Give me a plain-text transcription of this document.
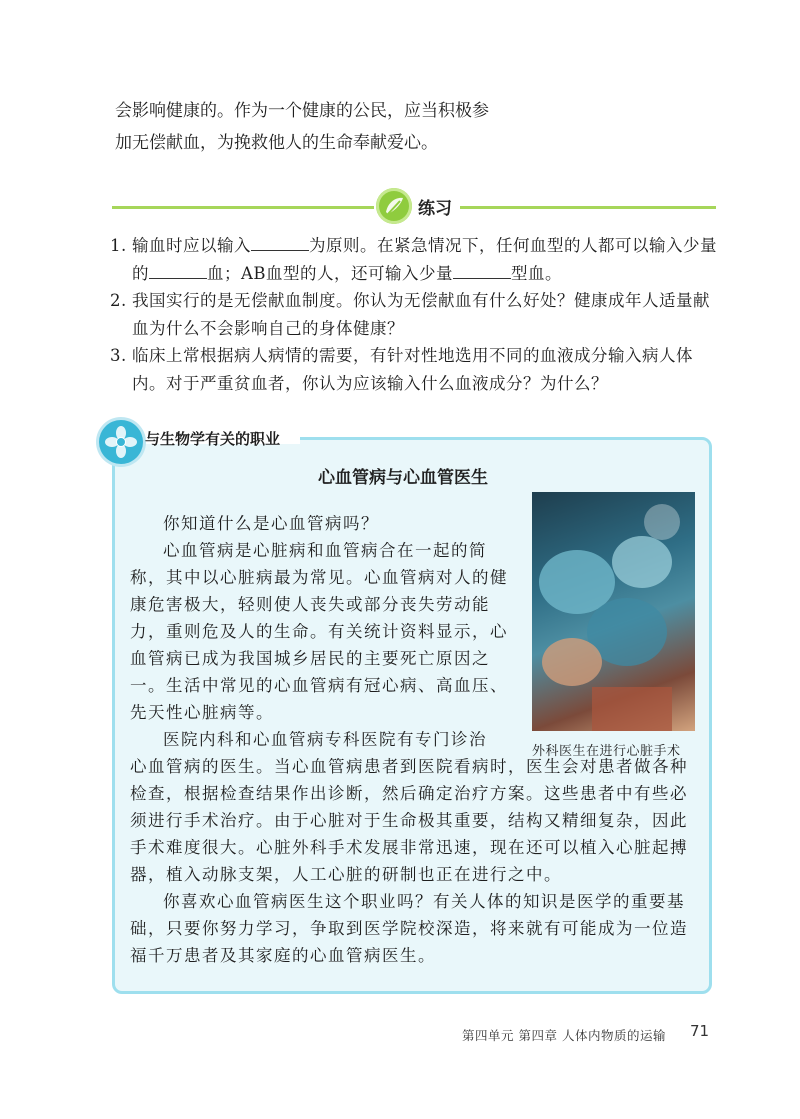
会影响健康的。作为一个健康的公民，应当积极参

加无偿献血，为挽救他人的生命奉献爱心。

练习
1. 输血时应以输入	为原则。在紧急情况下，任何血型的人都可以输入少量的	血；AB血型的人，还可输入少量	型血。
2. 我国实行的是无偿献血制度。你认为无偿献血有什么好处？健康成年人适量献血为什么不会影响自己的身体健康？
3. 临床上常根据病人病情的需要，有针对性地选用不同的血液成分输入病人体内。对于严重贫血者，你认为应该输入什么血液成分？为什么？
与生物学有关的职业
心血管病与心血管医生
外科医生在进行心脏手术

你知道什么是心血管病吗？

心血管病是心脏病和血管病合在一起的简称，其中以心脏病最为常见。心血管病对人的健康危害极大，轻则使人丧失或部分丧失劳动能力，重则危及人的生命。有关统计资料显示，心血管病已成为我国城乡居民的主要死亡原因之一。生活中常见的心血管病有冠心病、高血压、先天性心脏病等。

医院内科和心血管病专科医院有专门诊治

心血管病的医生。当心血管病患者到医院看病时，医生会对患者做各种检查，根据检查结果作出诊断，然后确定治疗方案。这些患者中有些必须进行手术治疗。由于心脏对于生命极其重要，结构又精细复杂，因此手术难度很大。心脏外科手术发展非常迅速，现在还可以植入心脏起搏器，植入动脉支架，人工心脏的研制也正在进行之中。

你喜欢心血管病医生这个职业吗？有关人体的知识是医学的重要基础，只要你努力学习，争取到医学院校深造，将来就有可能成为一位造福千万患者及其家庭的心血管病医生。

第四单元 第四章 人体内物质的运输 71
